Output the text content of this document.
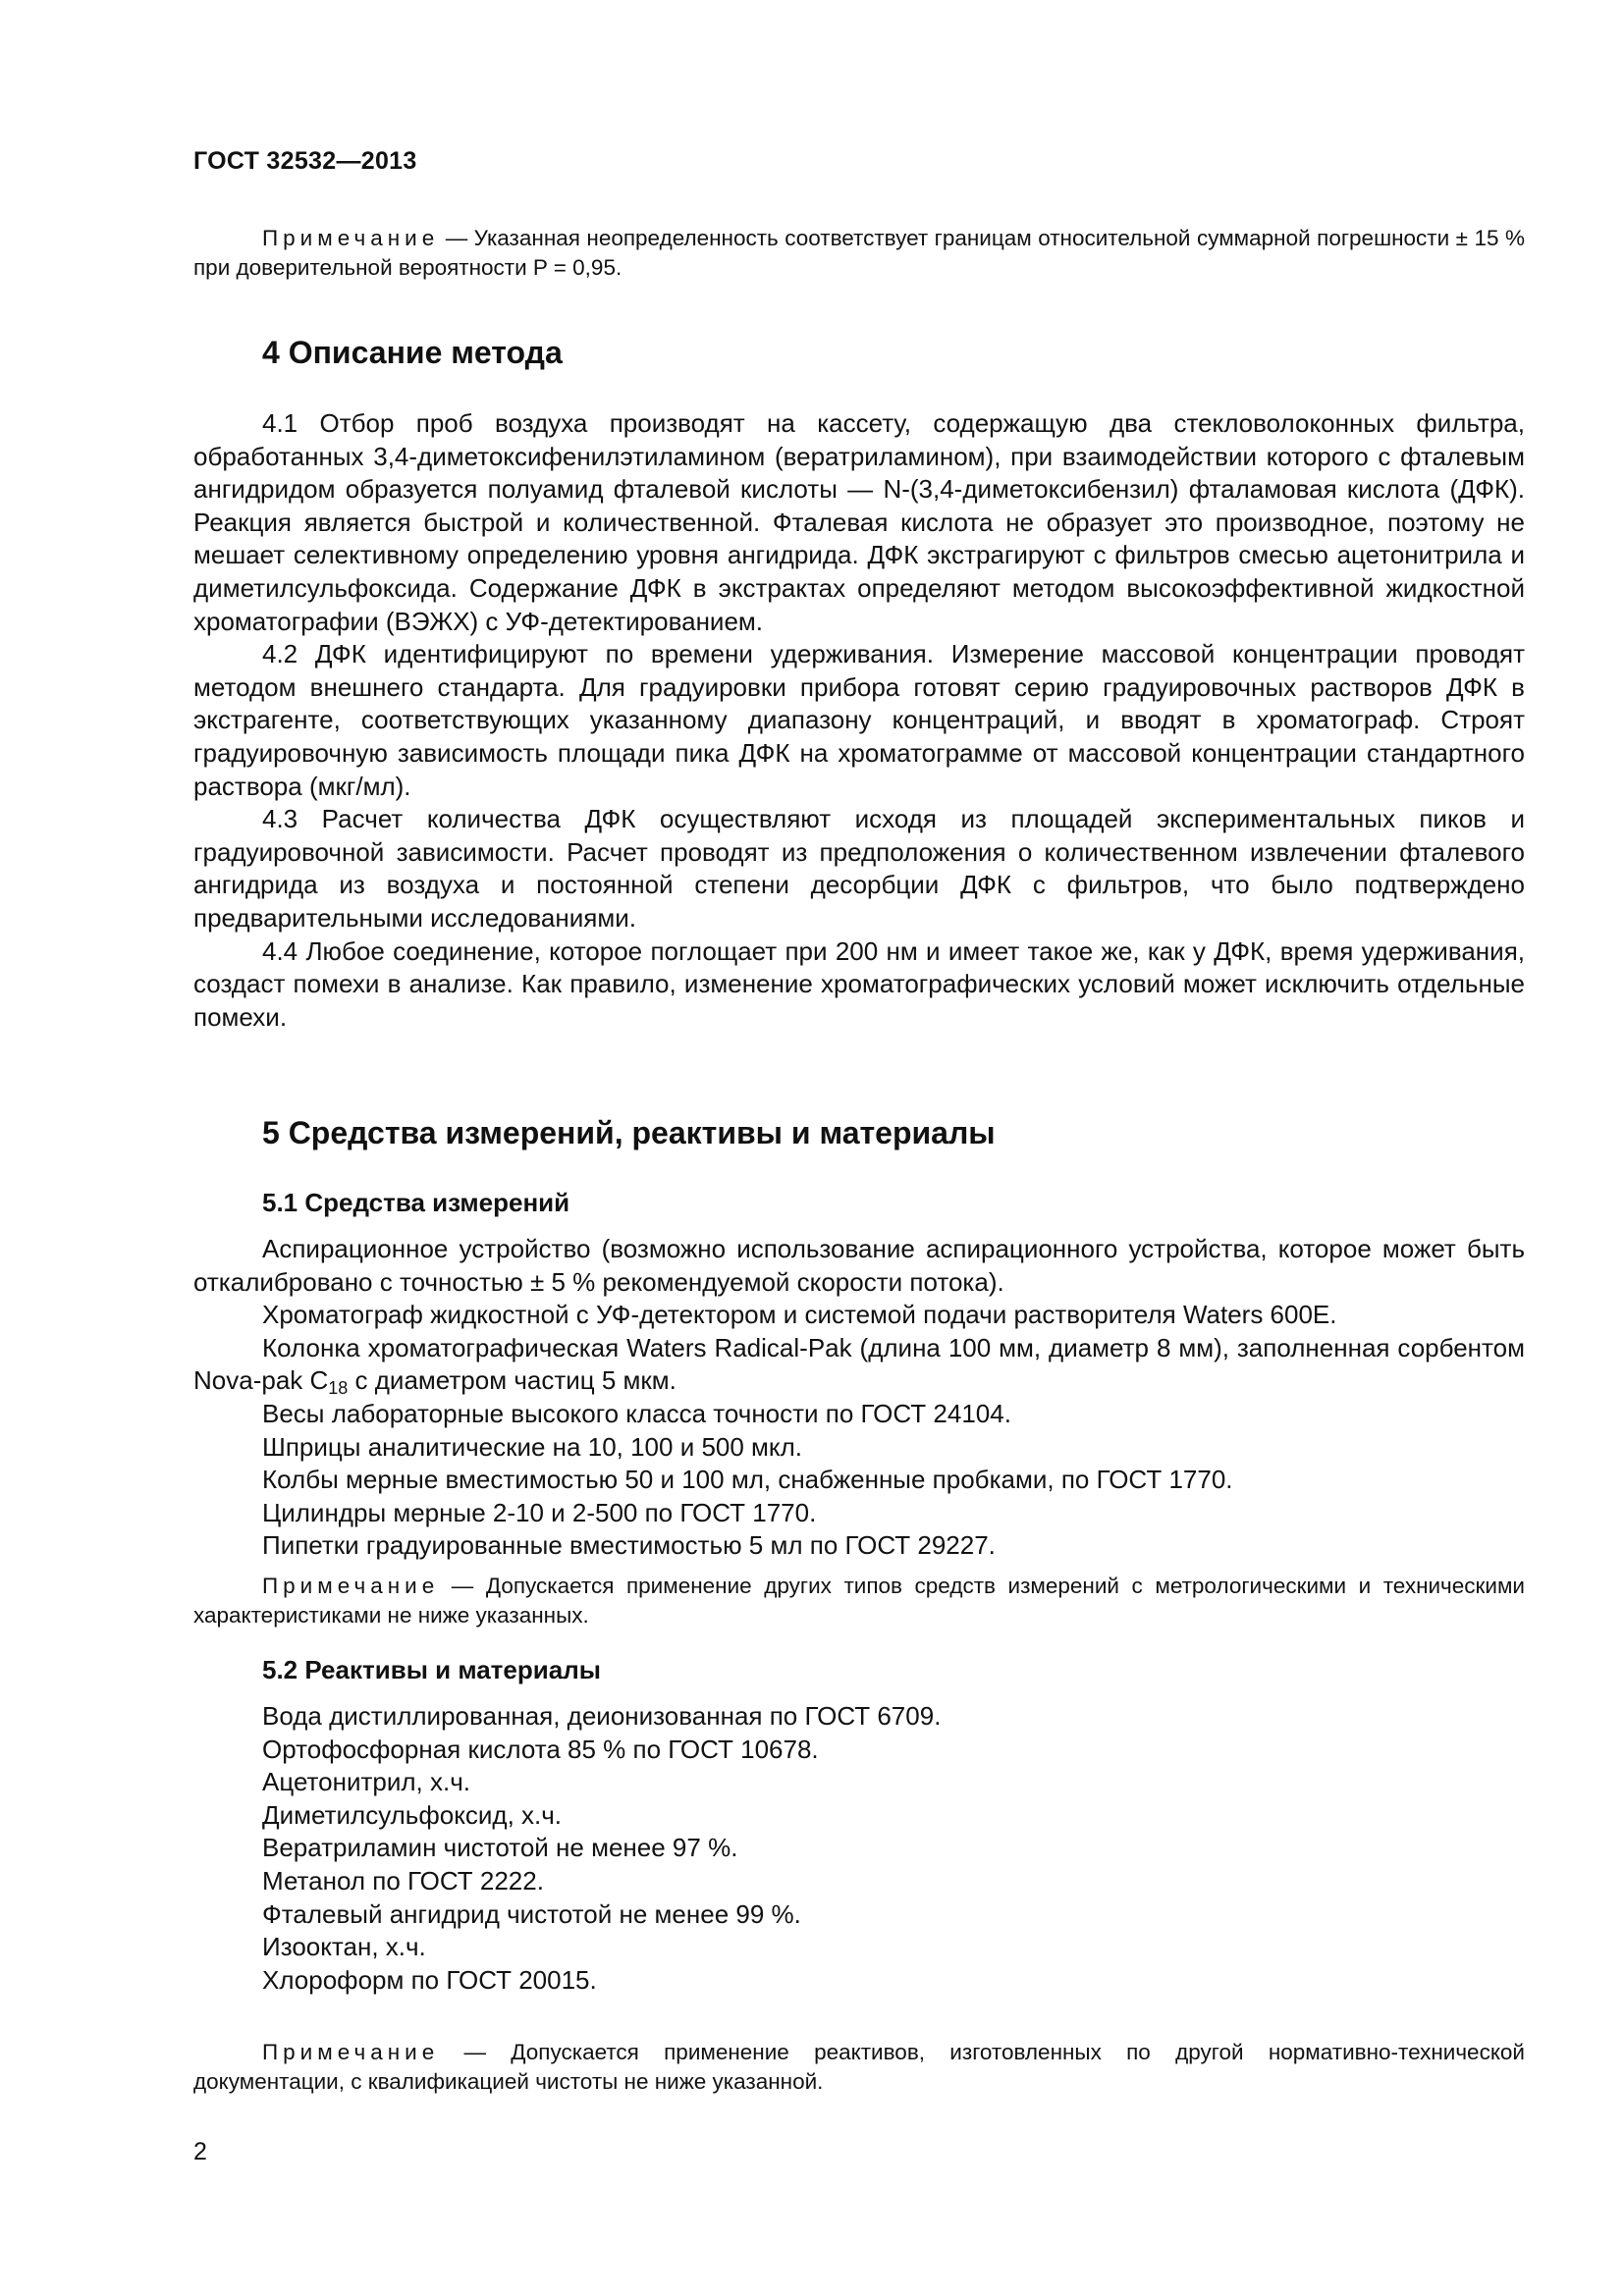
ГОСТ 32532—2013

Примечание — Указанная неопределенность соответствует границам относительной суммарной погрешности ± 15 % при доверительной вероятности P = 0,95.

4 Описание метода

4.1 Отбор проб воздуха производят на кассету, содержащую два стекловолоконных фильтра, обработанных 3,4-диметоксифенилэтиламином (вератриламином), при взаимодействии которого с фталевым ангидридом образуется полуамид фталевой кислоты — N-(3,4-диметоксибензил) фталамовая кислота (ДФК). Реакция является быстрой и количественной. Фталевая кислота не образует это производное, поэтому не мешает селективному определению уровня ангидрида. ДФК экстрагируют с фильтров смесью ацетонитрила и диметилсульфоксида. Содержание ДФК в экстрактах определяют методом высокоэффективной жидкостной хроматографии (ВЭЖХ) с УФ-детектированием.

4.2 ДФК идентифицируют по времени удерживания. Измерение массовой концентрации проводят методом внешнего стандарта. Для градуировки прибора готовят серию градуировочных растворов ДФК в экстрагенте, соответствующих указанному диапазону концентраций, и вводят в хроматограф. Строят градуировочную зависимость площади пика ДФК на хроматограмме от массовой концентрации стандартного раствора (мкг/мл).

4.3 Расчет количества ДФК осуществляют исходя из площадей экспериментальных пиков и градуировочной зависимости. Расчет проводят из предположения о количественном извлечении фталевого ангидрида из воздуха и постоянной степени десорбции ДФК с фильтров, что было подтверждено предварительными исследованиями.

4.4 Любое соединение, которое поглощает при 200 нм и имеет такое же, как у ДФК, время удерживания, создаст помехи в анализе. Как правило, изменение хроматографических условий может исключить отдельные помехи.

5 Средства измерений, реактивы и материалы
5.1 Средства измерений

Аспирационное устройство (возможно использование аспирационного устройства, которое может быть откалибровано с точностью ± 5 % рекомендуемой скорости потока).

Хроматограф жидкостной с УФ-детектором и системой подачи растворителя Waters 600E.

Колонка хроматографическая Waters Radical-Pak (длина 100 мм, диаметр 8 мм), заполненная сорбентом Nova-pak $C_{18}$ с диаметром частиц 5 мкм.

Весы лабораторные высокого класса точности по ГОСТ 24104.

Шприцы аналитические на 10, 100 и 500 мкл.

Колбы мерные вместимостью 50 и 100 мл, снабженные пробками, по ГОСТ 1770.

Цилиндры мерные 2-10 и 2-500 по ГОСТ 1770.

Пипетки градуированные вместимостью 5 мл по ГОСТ 29227.

Примечание — Допускается применение других типов средств измерений с метрологическими и техническими характеристиками не ниже указанных.

5.2 Реактивы и материалы

Вода дистиллированная, деионизованная по ГОСТ 6709.

Ортофосфорная кислота 85 % по ГОСТ 10678.

Ацетонитрил, х.ч.

Диметилсульфоксид, х.ч.

Вератриламин чистотой не менее 97 %.

Метанол по ГОСТ 2222.

Фталевый ангидрид чистотой не менее 99 %.

Изооктан, х.ч.

Хлороформ по ГОСТ 20015.

Примечание — Допускается применение реактивов, изготовленных по другой нормативно-технической документации, с квалификацией чистоты не ниже указанной.

2
